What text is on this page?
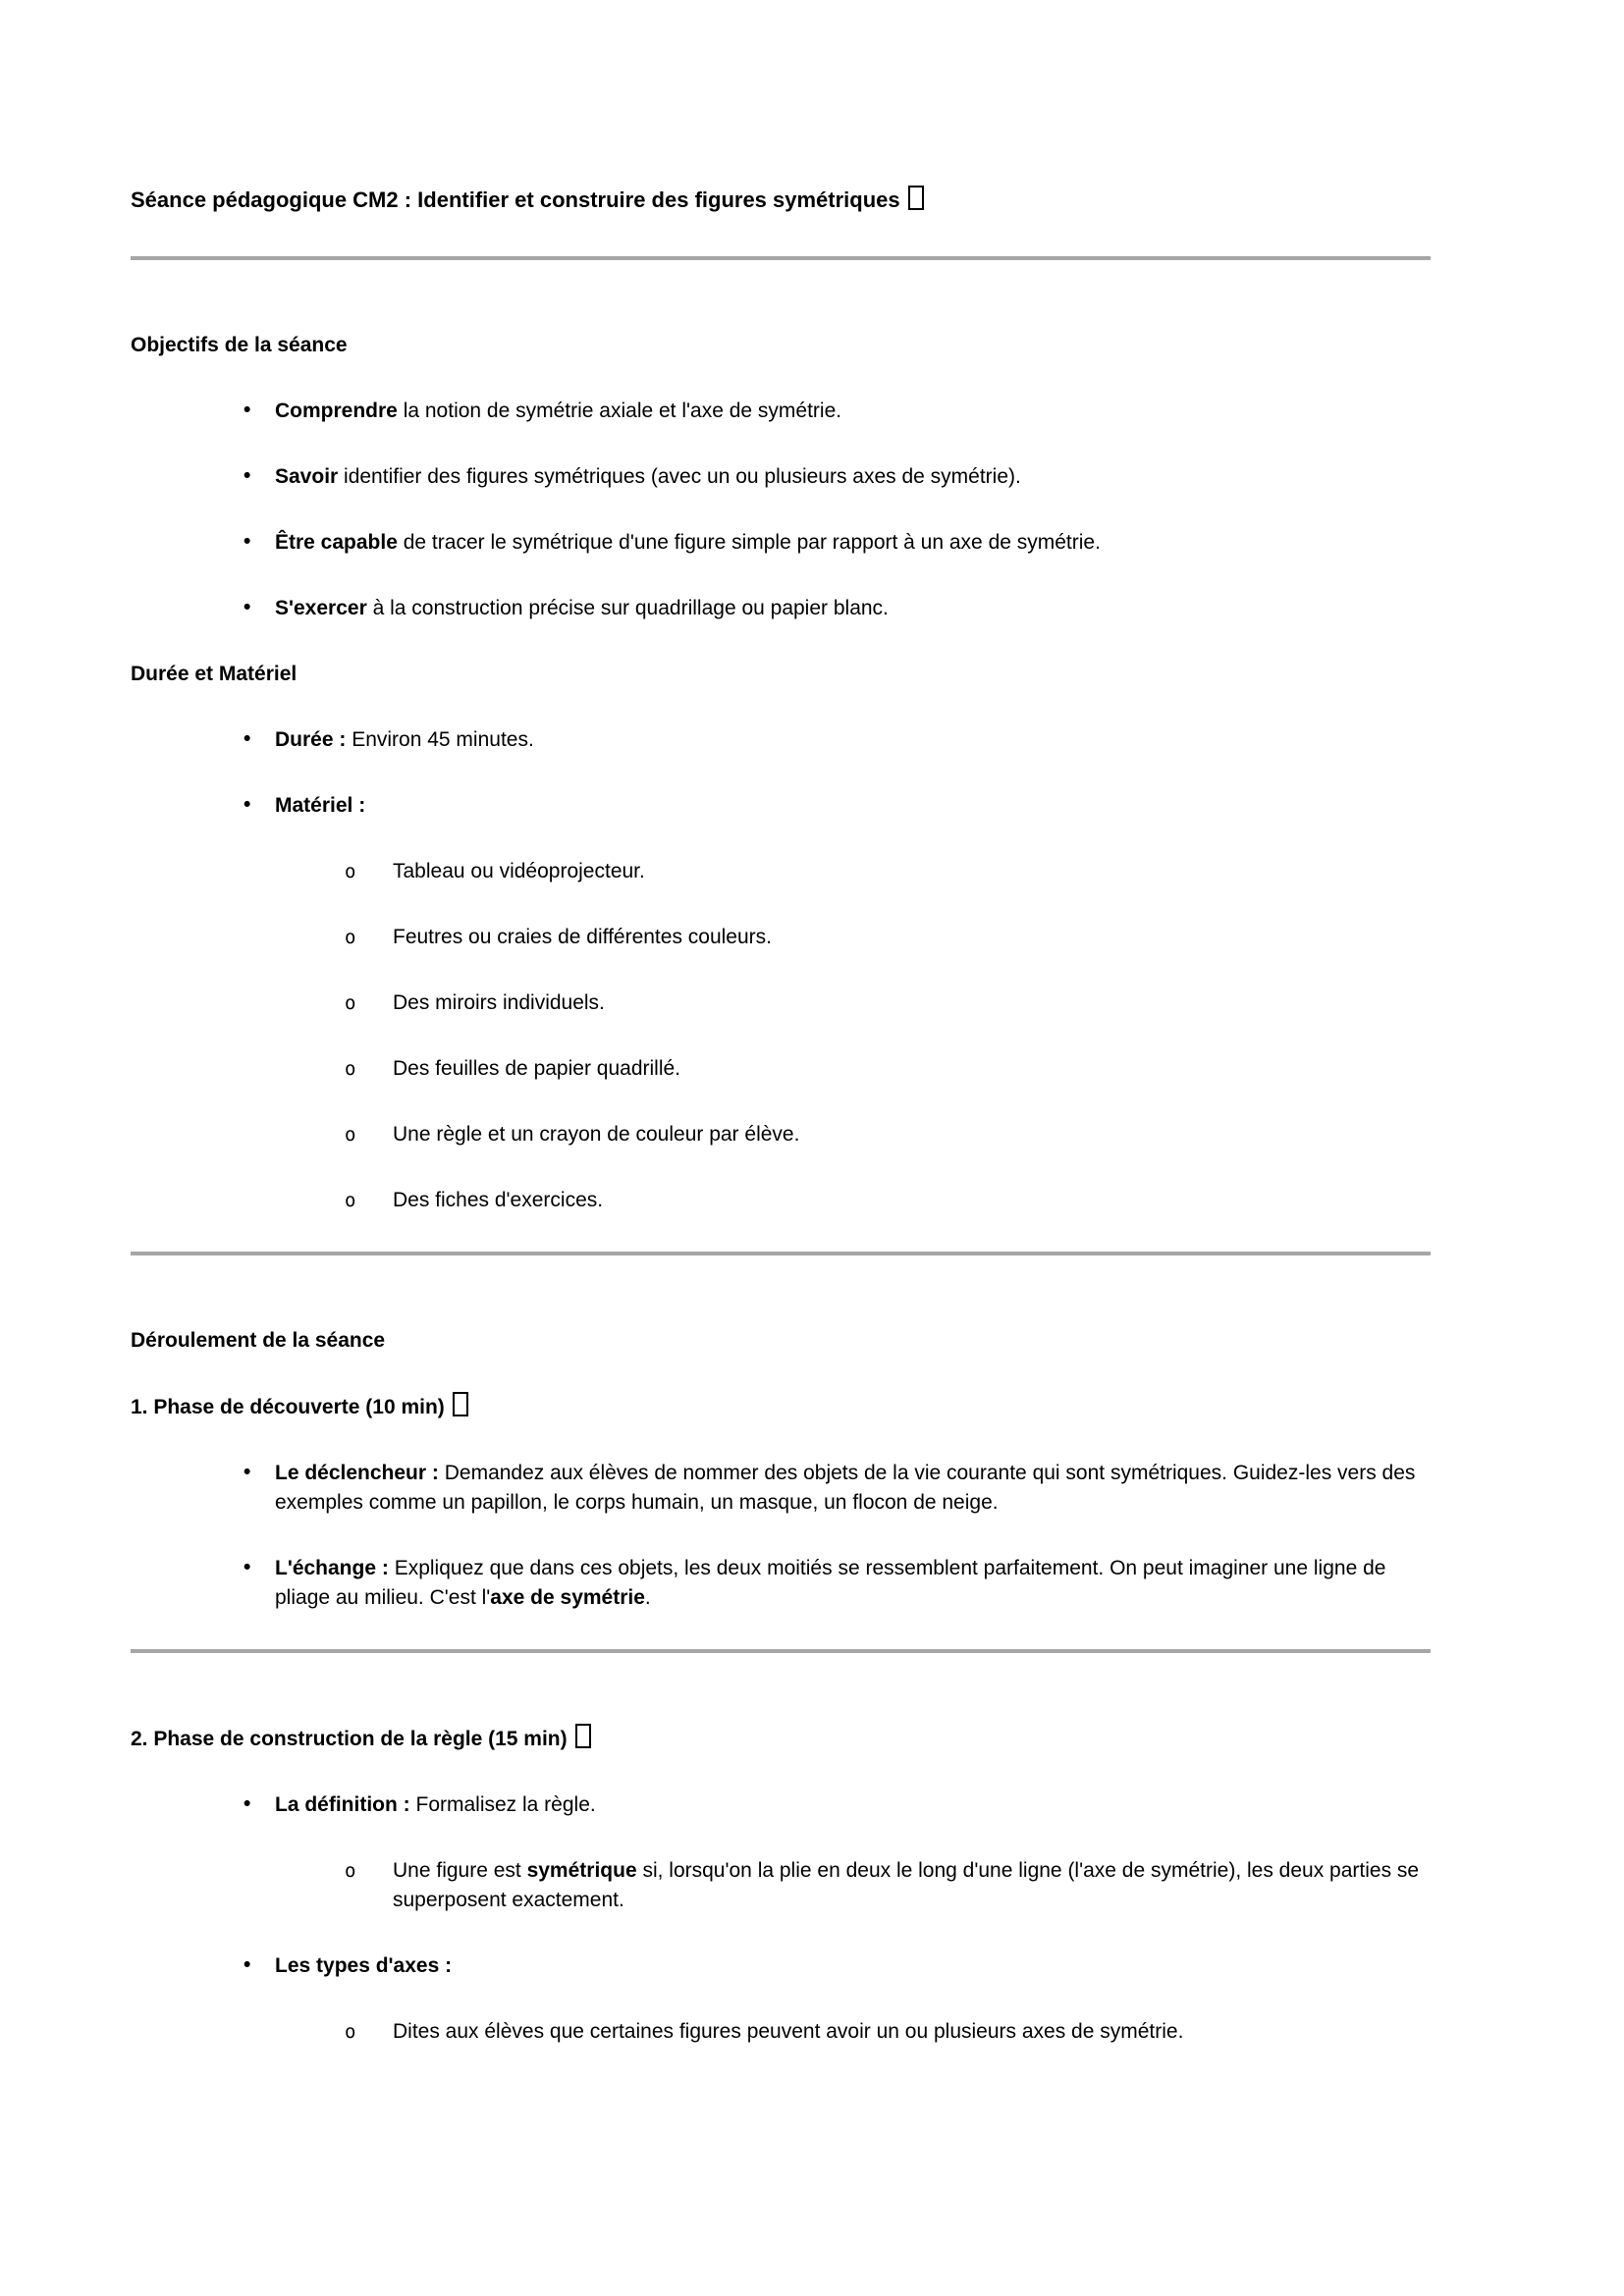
Séance pédagogique CM2 : Identifier et construire des figures symétriques
Objectifs de la séance
• Comprendre la notion de symétrie axiale et l'axe de symétrie.
• Savoir identifier des figures symétriques (avec un ou plusieurs axes de symétrie).
• Être capable de tracer le symétrique d'une figure simple par rapport à un axe de symétrie.
• S'exercer à la construction précise sur quadrillage ou papier blanc.
Durée et Matériel
• Durée : Environ 45 minutes.
• Matériel :
o Tableau ou vidéoprojecteur.
o Feutres ou craies de différentes couleurs.
o Des miroirs individuels.
o Des feuilles de papier quadrillé.
o Une règle et un crayon de couleur par élève.
o Des fiches d'exercices.
Déroulement de la séance
1. Phase de découverte (10 min)
• Le déclencheur : Demandez aux élèves de nommer des objets de la vie courante qui sont symétriques. Guidez-les vers des exemples comme un papillon, le corps humain, un masque, un flocon de neige.
• L'échange : Expliquez que dans ces objets, les deux moitiés se ressemblent parfaitement. On peut imaginer une ligne de pliage au milieu. C'est l'axe de symétrie.
2. Phase de construction de la règle (15 min)
• La définition : Formalisez la règle.
o Une figure est symétrique si, lorsqu'on la plie en deux le long d'une ligne (l'axe de symétrie), les deux parties se superposent exactement.
• Les types d'axes :
o Dites aux élèves que certaines figures peuvent avoir un ou plusieurs axes de symétrie.
